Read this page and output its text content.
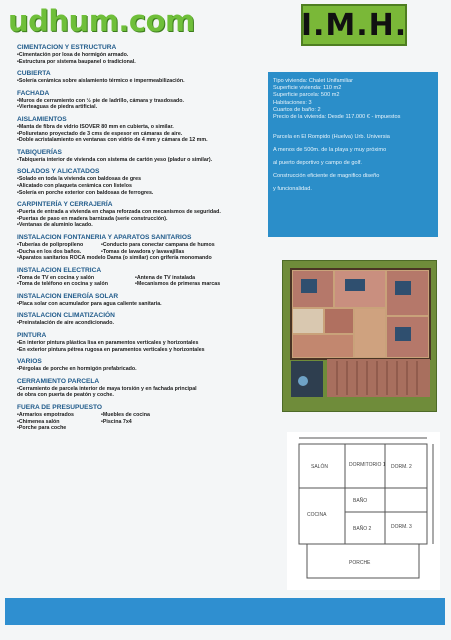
udhum.com	I.M.H.
CIMENTACION Y ESTRUCTURA

•Cimentación por losa de hormigón armado.

•Estructura por sistema baupanel o tradicional.

CUBIERTA

•Solería cerámica sobre aislamiento térmico e impermeabilización.

FACHADA

•Muros de cerramiento con ½ pie de ladrillo, cámara y trasdosado.

•Vierteaguas de piedra artificial.

AISLAMIENTOS

•Manta de fibra de vidrio ISOVER 80 mm en cubierta, o similar.

•Poliuretano proyectado de 3 cms de espesor en cámaras de aire.

•Doble acristalamiento en ventanas con vidrio de 4 mm y cámara de 12 mm.

TABIQUERÍAS

•Tabiquería interior de vivienda con sistema de cartón yeso (pladur o similar).

SOLADOS Y ALICATADOS

•Solado en toda la vivienda con baldosas de gres

•Alicatado con plaqueta cerámica con listelos

•Solería en porche exterior con baldosas de ferrogres.

CARPINTERÍA Y CERRAJERÍA

•Puerta de entrada a vivienda en chapa reforzada con mecanismos de seguridad.

•Puertas de paso en madera barnizada (serie construcción).

•Ventanas de aluminio lacado.

INSTALACION FONTANERIA Y APARATOS SANITARIOS

•Tuberías de polipropileno	•Conducto para conectar campana de humos

•Ducha en los dos baños.	•Tomas de lavadora y lavavajillas

•Aparatos sanitarios ROCA modelo Dama (o similar) con grifería monomando

INSTALACION ELECTRICA

•Toma de TV en cocina y salón	•Antena de TV instalada

•Toma de teléfono en cocina y salón	•Mecanismos de primeras marcas

INSTALACION ENERGÍA SOLAR

•Placa solar con acumulador para agua caliente sanitaria.

INSTALACION CLIMATIZACIÓN

•Preinstalación de aire acondicionado.

PINTURA

•En interior pintura plástica lisa en paramentos verticales y horizontales

•En exterior pintura pétrea rugosa en paramentos verticales y horizontales

VARIOS

•Pérgolas de porche en hormigón prefabricado.

CERRAMIENTO PARCELA

•Cerramiento de parcela interior de maya torsión y en fachada principal

de obra con puerta de peatón y coche.

FUERA DE PRESUPUESTO

•Armarios empotrados	•Muebles de cocina

•Chimenea salón	•Piscina 7x4

•Porche para coche

Tipo vivienda: Chalet Unifamiliar

Superficie vivienda: 110 m2

Superficie parcela: 500 m2

Habitaciones: 3

Cuartos de baño: 2

Precio de la vivienda: Desde 117.000 € - impuestos

Parcela en El Rompido (Huelva) Urb. Universia

A menos de 500m. de la playa y muy próximo

al puerto deportivo y campo de golf.

Construcción eficiente de magnifico diseño

y funcionalidad.

SALÓN	DORMITORIO 1 DORM. 2
DORM. 3
COCINA
BAÑO
BAÑO 2
PORCHE
